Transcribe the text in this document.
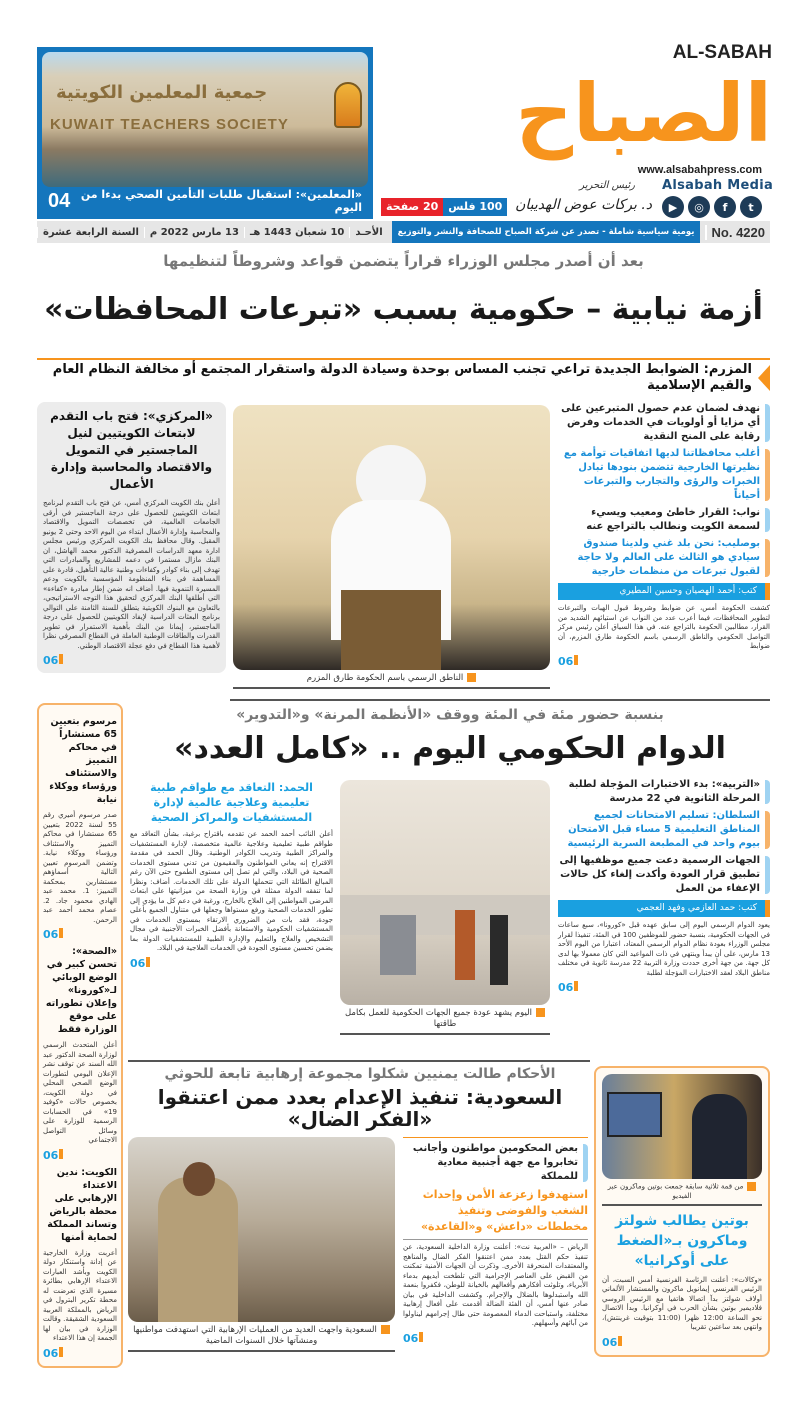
جمعية المعلمين الكويتية
KUWAIT TEACHERS SOCIETY
04 «المعلمين»: استقبال طلبات التأمين الصحي بدءا من اليوم
الصباح
AL-SABAH
www.alsabahpress.com
Alsabah Media
▶	◎	f	t
رئيس التحرير
د. بركات عوض الهديبان
20 صفحة 100 فلس
السنة الرابعة عشرة	13 مارس 2022 م	10 شعبان 1443 هـ	الأحـد	يومية سياسية شاملة - تصدر عن شركة الصباح للصحافة والنشر والتوزيع	No. 4220
بعد أن أصدر مجلس الوزراء قراراً يتضمن قواعد وشروطاً لتنظيمها
أزمة نيابية – حكومية بسبب «تبرعات المحافظات»
المزرم: الضوابط الجديدة تراعي تجنب المساس بوحدة وسيادة الدولة واستقرار المجتمع أو مخالفة النظام العام والقيم الإسلامية
نهدف لضمان عدم حصول المتبرعين على أي مزايا أو أولويات في الخدمات وفرض رقابة على المنح النقدية
أغلب محافظاتنا لديها اتفاقيات توأمة مع نظيرتها الخارجية تتضمن بنودها تبادل الخبرات والرؤى والتجارب والتبرعات أحياناً
نواب: القرار خاطئ ومعيب ويسيء لسمعة الكويت ونطالب بالتراجع عنه
بوصليب: نحن بلد غني ولدينا صندوق سيادي هو الثالث على العالم ولا حاجة لقبول تبرعات من منظمات خارجية
كتب: أحمد الهصيان وحسين المطيري
كشفت الحكومة أمس، عن ضوابط وشروط قبول الهبات والتبرعات لتطوير المحافظات، فيما أعرب عدد من النواب عن استيائهم الشديد من القرار، مطالبين الحكومة بالتراجع عنه. في هذا السياق أعلن رئيس مركز التواصل الحكومي والناطق الرسمي باسم الحكومة طارق المزرم، أن ضوابط
06
الناطق الرسمي باسم الحكومة طارق المزرم
«المركزي»: فتح باب التقدم لابتعاث الكويتيين لنيل الماجستير في التمويل والاقتصاد والمحاسبة وإدارة الأعمال
أعلن بنك الكويت المركزي أمس، عن فتح باب التقدم لبرنامج ابتعاث الكويتيين للحصول على درجة الماجستير في أرقى الجامعات العالمية، في تخصصات التمويل والاقتصاد والمحاسبة وإدارة الأعمال ابتداء من اليوم الاحد وحتى 2 يونيو المقبل. وقال محافظ بنك الكويت المركزي ورئيس مجلس ادارة معهد الدراسات المصرفية الدكتور محمد الهاشل، ان البنك مازال مستمرا في دعمه للمشاريع والمبادرات التي تهدف إلى بناء كوادر وكفاءات وطنية عالية التأهيل، قادرة على المساهمة في بناء المنظومة المؤسسية بالكويت ودعم المسيرة التنموية فيها. أضاف انه ضمن إطار مبادرة «كفاءة» التي أطلقها البنك المركزي لتحقيق هذا التوجه الاستراتيجي، بالتعاون مع البنوك الكويتية يتطلق للسنة الثامنة على التوالي برنامج البعثات الدراسية لإيفاد الكويتيين للحصول على درجة الماجستير، إيمانا من البنك بأهمية الاستمرار في تطوير القدرات والطاقات الوطنية العاملة في القطاع المصرفي نظرا لأهمية هذا القطاع في دفع عجلة الاقتصاد الوطني.
06
مرسوم بتعيين 65 مستشاراً في محاكم التمييز والاستئناف ورؤساء ووكلاء نيابة
صدر مرسوم أميري رقم 55 لسنة 2022 بتعيين 65 مستشارا في محاكم التمييز والاستئناف ورؤساء ووكلاء نيابة. وتضمن المرسوم تعيين التالية أسماؤهم مستشارين بمحكمة التمييز: 1. محمد عبد الهادي محمود جاد. 2. عصام محمد أحمد عبد الرحمن.
06
«الصحة»: تحسن كبير في الوضع الوبائي لـ«كورونا» وإعلان تطوراته على موقع الوزارة فقط
أعلن المتحدث الرسمي لوزارة الصحة الدكتور عبد الله السند عن توقف نشر الإعلان اليومي لتطورات الوضع الصحي المحلي في دولة الكويت، بخصوص حالات «كوفيد 19» في الحسابات الرسمية للوزارة على وسائل التواصل الاجتماعي
06
الكويت: ندين الاعتداء الإرهابي على محطة بالرياض وتساند المملكة لحماية أمنها
أعربت وزارة الخارجية عن إدانة واستنكار دولة الكويت وبأشد العبارات الاعتداء الإرهابي بطائرة مسيرة الذي تعرضت له محطة تكرير البترول في الرياض بالمملكة العربية السعودية الشقيقة. وقالت الوزارة في بيان لها الجمعة إن هذا الاعتداء
06
بنسبة حضور مئة في المئة ووقف «الأنظمة المرنة» و«التدوير»
الدوام الحكومي اليوم .. «كامل العدد»
«التربية»: بدء الاختبارات المؤجلة لطلبة المرحلة الثانوية في 22 مدرسة
السلطان: تسليم الامتحانات لجميع المناطق التعليمية 5 مساء قبل الامتحان بيوم واحد في المطبعة السرية الرئيسية
الجهات الرسمية دعت جميع موظفيها إلى تطبيق قرار العودة وأكدت إلغاء كل حالات الإعفاء من العمل
كتب: حمد العازمي وفهد العجمي
يعود الدوام الرسمي اليوم إلى سابق عهده قبل «كورونا»، سبع ساعات في الجهات الحكومية، بنسبة حضور للموظفين 100 في المئة، تنفيذا لقرار مجلس الوزراء بعودة نظام الدوام الرسمي المعتاد، اعتبارا من اليوم الأحد 13 مارس، على أن يبدأ وينتهي في ذات المواعيد التي كان معمولا بها لدى كل جهة. من جهة أخرى حددت وزارة التربية 22 مدرسة ثانوية في مختلف مناطق البلاد لعقد الاختبارات المؤجلة لطلبة
06
اليوم يشهد عودة جميع الجهات الحكومية للعمل بكامل طاقتها
الحمد: التعاقد مع طواقم طبية تعليمية وعلاجية عالمية لإدارة المستشفيات والمراكز الصحية
أعلن النائب أحمد الحمد عن تقدمه باقتراح برغبة، بشأن التعاقد مع طواقم طبية تعليمية وعلاجية عالمية متخصصة، لإدارة المستشفيات والمراكز الطبية وتدريب الكوادر الوطنية. وقال الحمد في مقدمة الاقتراح إنه يعاني المواطنون والمقيمون من تدني مستوى الخدمات الصحية في البلاد، والتي لم تصل إلى مستوى الطموح حتى الآن رغم المبالغ الطائلة التي تتحملها الدولة على تلك الخدمات. أضاف: ونظرا لما تنفقه الدولة ممثلة في وزارة الصحة من ميزانيتها على ابتعاث المرضى المواطنين إلى العلاج بالخارج، ورغبة في دعم كل ما يؤدي إلى تطور الخدمات الصحية ورفع مستواها وجعلها في متناول الجميع بأعلى جودة، فقد بات من الضروري الارتقاء بمستوى الخدمات في المستشفيات الحكومية والاستعانة بأفضل الخبرات الأجنبية في مجال التشخيص والعلاج والتعليم والإدارة الطبية للمستشفيات الدولة بما يضمن تحسين مستوى الجودة في الخدمات العلاجية في البلاد.
06
الأحكام طالت يمنيين شكلوا مجموعة إرهابية تابعة للحوثي
السعودية: تنفيذ الإعدام بعدد ممن اعتنقوا «الفكر الضال»
السعودية واجهت العديد من العمليات الإرهابية التي استهدفت مواطنيها ومنشآتها خلال السنوات الماضية
بعض المحكومين مواطنون وأجانب تخابروا مع جهة أجنبية معادية للمملكة
استهدفوا زعزعة الأمن وإحداث الشغب والفوضى وتنفيذ مخططات «داعش» و«القاعدة»
الرياض – «العربية نت»: أعلنت وزارة الداخلية السعودية، عن تنفيذ حكم القتل بعدد ممن اعتنقوا الفكر الضال والمناهج والمعتقدات المنحرفة الأخرى. وذكرت أن الجهات الأمنية تمكنت من القبض على العناصر الإجرامية التي تلطخت أيديهم بدماء الأبرياء، وتلوثت أفكارهم وأفعالهم بالخيانة للوطن، فكفروا بنعمة الله واستبدلوها بالضلال والإجرام. وكشفت الداخلية في بيان صادر عنها أمس، أن الفئة الضالة أقدمت على أفعال إرهابية مختلفة، واستباحت الدماء المعصومة حتى طال إجرامهم ليناولوا من آبائهم وأسهلهم.
06
من قمة ثلاثية سابقة جمعت بوتين وماكرون عبر الفيديو
بوتين يطالب شولتز وماكرون بـ«الضغط على أوكرانيا»
«وكالات»: أعلنت الرئاسة الفرنسية أمس السبت، أن الرئيس الفرنسي إيمانويل ماكرون والمستشار الألماني أولاف شولتز بدآ اتصالا هاتفيا مع الرئيس الروسي فلاديمير بوتين بشأن الحرب في أوكرانيا. وبدأ الاتصال نحو الساعة 12:00 ظهرا (11:00 بتوقيت غرينتش)، وانتهى بعد ساعتين تقريبا
06
